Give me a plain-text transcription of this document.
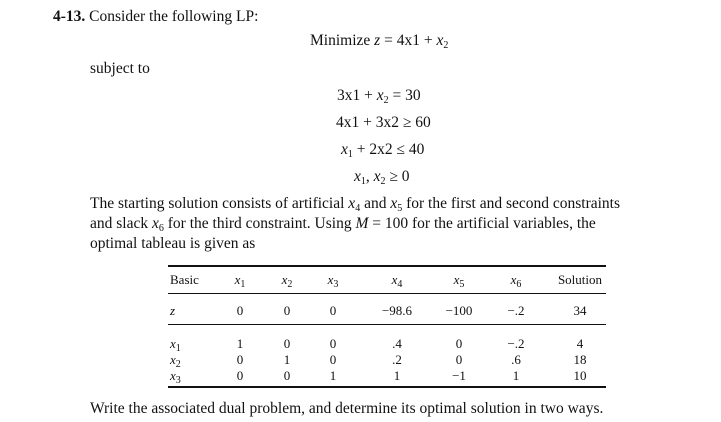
4-13. Consider the following LP:
Minimize $z = 4x1 + x_2$
subject to
$3x1 + x_2 = 30$
4x1 + 3x2 ≥ 60
$x_1 + 2x2 \le 40$
$x_1$, $x_2 \ge 0$

The starting solution consists of artificial $x_4$ and $x_5$ for the first and second constraints

and slack $x_6$ for the third constraint. Using M = 100 for the artificial variables, the

optimal tableau is given as

Basic	$x_1$	$x_2$	$x_3$	$x_4$	$x_5$	$x_6$	Solution
z	0	0	0	−98.6	−100	−.2	34
$x_1$	1	0	0	.4	0	−.2	4
$x_2$	0	1	0	.2	0	.6	18
$x_3$	0	0	1	1	−1	1	10
Write the associated dual problem, and determine its optimal solution in two ways.
